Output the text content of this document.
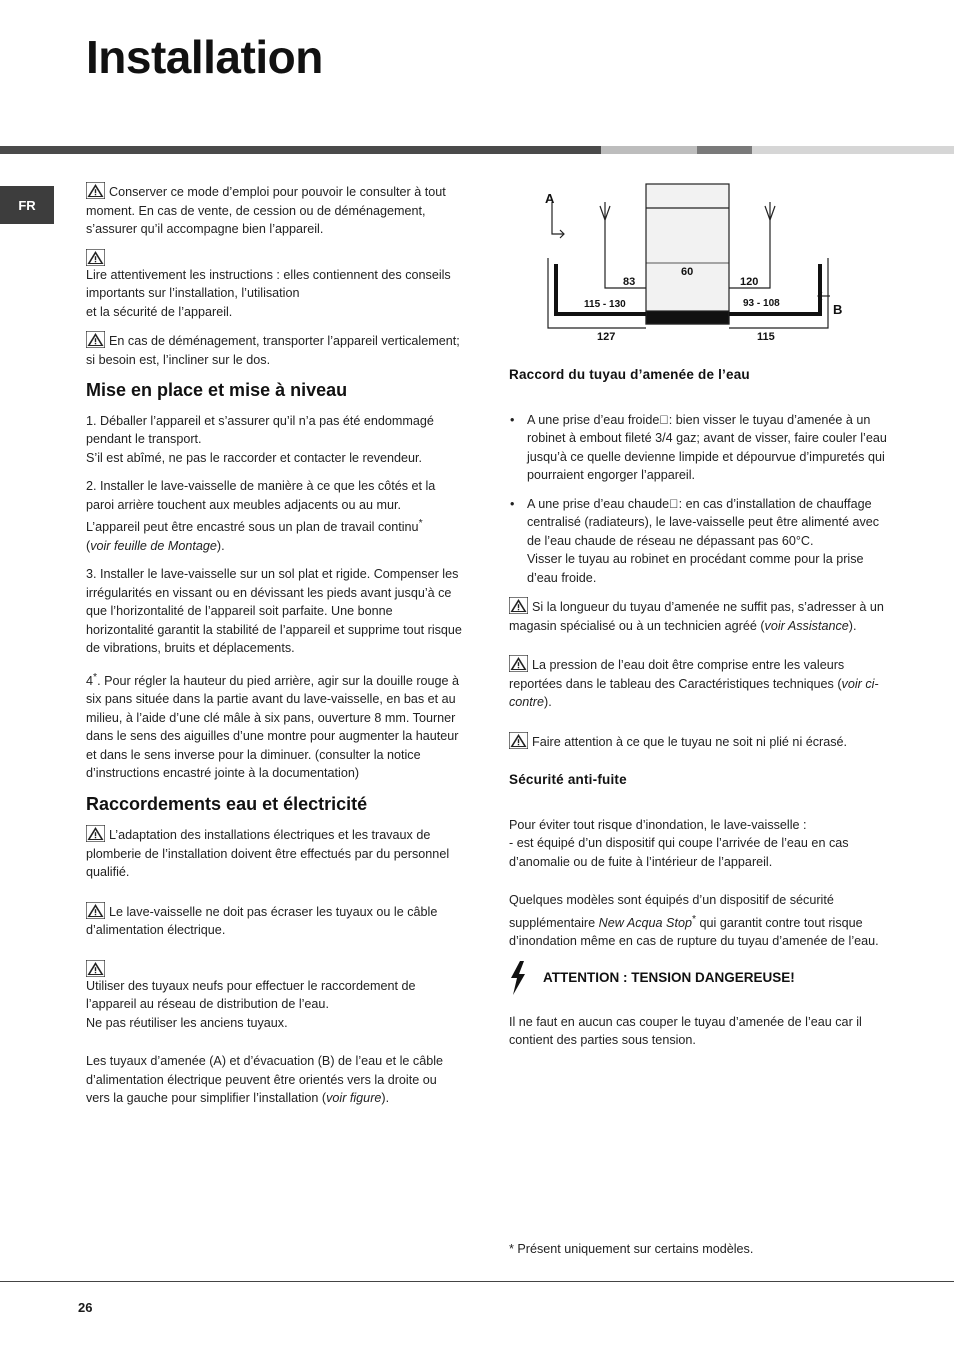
Installation
FR

Conserver ce mode d’emploi pour pouvoir le consulter à tout moment. En cas de vente, de cession ou de déménagement, s’assurer qu’il accompagne bien l’appareil.

Lire attentivement les instructions : elles contiennent des conseils importants sur l’installation, l’utilisation
et la sécurité de l’appareil.

En cas de déménagement, transporter l’appareil verticalement; si besoin est, l’incliner sur le dos.

Mise en place et mise à niveau

1. Déballer l’appareil et s’assurer qu’il n’a pas été endommagé pendant le transport.
S’il est abîmé, ne pas le raccorder et contacter le revendeur.

2. Installer le lave-vaisselle de manière à ce que les côtés et la paroi arrière touchent aux meubles adjacents ou au mur.
L’appareil peut être encastré sous un plan de travail continu*
(voir feuille de Montage).

3. Installer le lave-vaisselle sur un sol plat et rigide. Compenser les irrégularités en vissant ou en dévissant les pieds avant jusqu’à ce que l’horizontalité de l’appareil soit parfaite. Une bonne horizontalité garantit la stabilité de l’appareil et supprime tout risque de vibrations, bruits et déplacements.

4*. Pour régler la hauteur du pied arrière, agir sur la douille rouge à six pans située dans la partie avant du lave-vaisselle, en bas et au milieu, à l’aide d’une clé mâle à six pans, ouverture 8 mm. Tourner dans le sens des aiguilles d’une montre pour augmenter la hauteur et dans le sens inverse pour la diminuer. (consulter la notice d’instructions encastré jointe à la documentation)

Raccordements eau et électricité

L’adaptation des installations électriques et les travaux de plomberie de l’installation doivent être effectués par du personnel qualifié.

Le lave-vaisselle ne doit pas écraser les tuyaux ou le câble d’alimentation électrique.

Utiliser des tuyaux neufs pour effectuer le raccordement de l’appareil au réseau de distribution de l’eau.
Ne pas réutiliser les anciens tuyaux.

Les tuyaux d’amenée (A) et d’évacuation (B) de l’eau et le câble d’alimentation électrique peuvent être orientés vers la droite ou vers la gauche pour simplifier l’installation (voir figure).

A
B
60
83	120
115 - 130	93 - 108
127	115
Raccord du tuyau d’amenée de l’eau

• A une prise d’eau froide : bien visser le tuyau d’amenée à un robinet à embout fileté 3/4 gaz; avant de visser, faire couler l’eau jusqu’à ce quelle devienne limpide et dépourvue d’impuretés qui pourraient engorger l’appareil.

• A une prise d’eau chaude : en cas d’installation de chauffage centralisé (radiateurs), le lave-vaisselle peut être alimenté avec de l’eau chaude de réseau ne dépassant pas 60°C.
Visser le tuyau au robinet en procédant comme pour la prise d’eau froide.

Si la longueur du tuyau d’amenée ne suffit pas, s’adresser à un magasin spécialisé ou à un technicien agréé (voir Assistance).

La pression de l’eau doit être comprise entre les valeurs reportées dans le tableau des Caractéristiques techniques (voir ci-contre).

Faire attention à ce que le tuyau ne soit ni plié ni écrasé.

Sécurité anti-fuite

Pour éviter tout risque d’inondation, le lave-vaisselle :
- est équipé d’un dispositif qui coupe l’arrivée de l’eau en cas d’anomalie ou de fuite à l’intérieur de l’appareil.

Quelques modèles sont équipés d’un dispositif de sécurité supplémentaire New Acqua Stop* qui garantit contre tout risque d’inondation même en cas de rupture du tuyau d’amenée de l’eau.

ATTENTION : TENSION DANGEREUSE!

Il ne faut en aucun cas couper le tuyau d’amenée de l’eau car il contient des parties sous tension.

* Présent uniquement sur certains modèles.
26
